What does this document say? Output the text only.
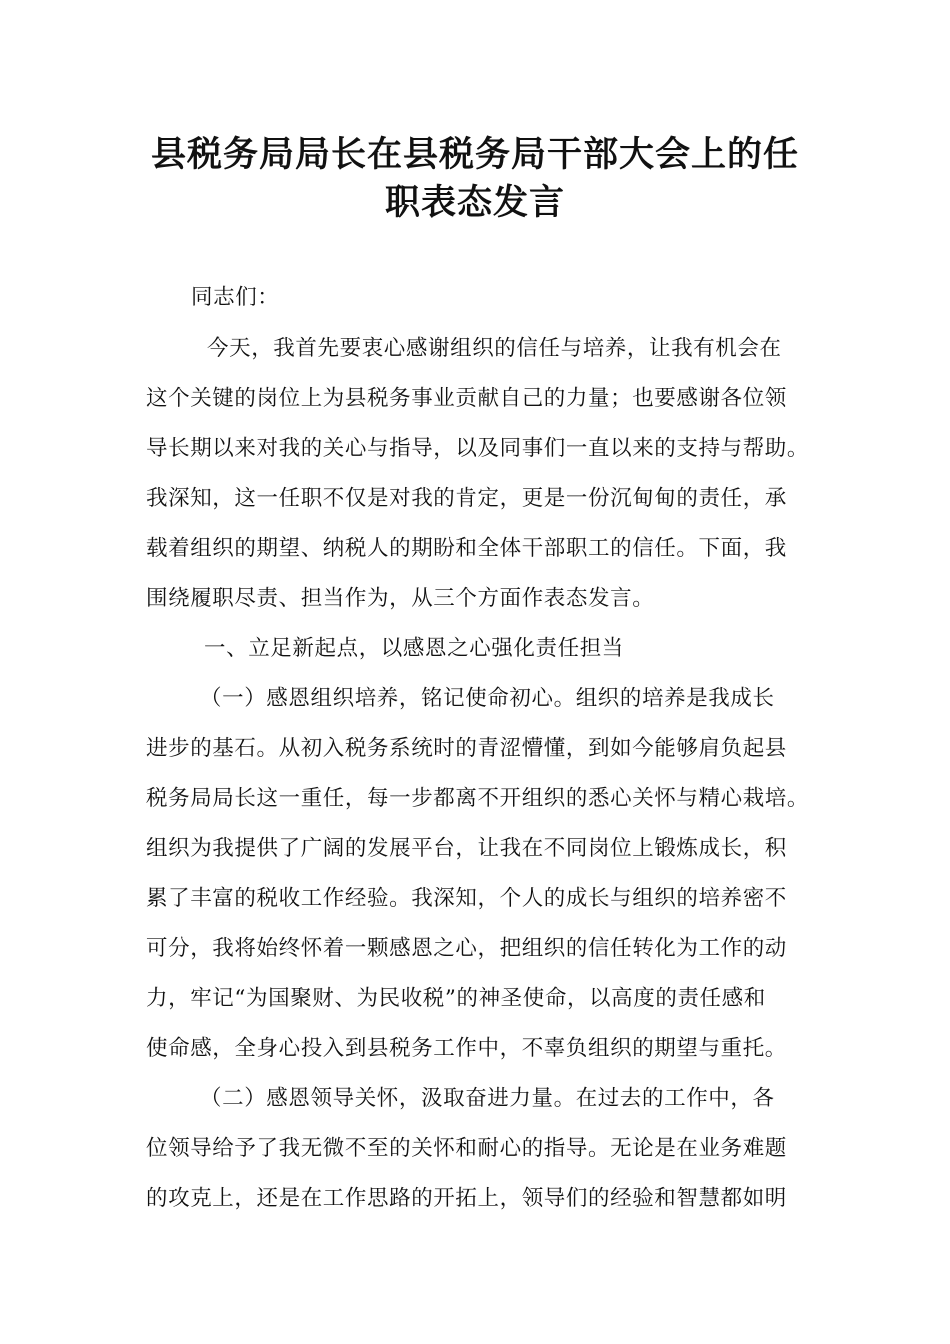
县税务局局长在县税务局干部大会上的任
职表态发言

同志们：

今天，我首先要衷心感谢组织的信任与培养，让我有机会在

这个关键的岗位上为县税务事业贡献自己的力量；也要感谢各位领

导长期以来对我的关心与指导，以及同事们一直以来的支持与帮助。

我深知，这一任职不仅是对我的肯定，更是一份沉甸甸的责任，承

载着组织的期望、纳税人的期盼和全体干部职工的信任。下面，我

围绕履职尽责、担当作为，从三个方面作表态发言。

一、立足新起点，以感恩之心强化责任担当

（一）感恩组织培养，铭记使命初心。组织的培养是我成长

进步的基石。从初入税务系统时的青涩懵懂，到如今能够肩负起县

税务局局长这一重任，每一步都离不开组织的悉心关怀与精心栽培。

组织为我提供了广阔的发展平台，让我在不同岗位上锻炼成长，积

累了丰富的税收工作经验。我深知，个人的成长与组织的培养密不

可分，我将始终怀着一颗感恩之心，把组织的信任转化为工作的动

力，牢记“为国聚财、为民收税”的神圣使命，以高度的责任感和

使命感，全身心投入到县税务工作中，不辜负组织的期望与重托。

（二）感恩领导关怀，汲取奋进力量。在过去的工作中，各

位领导给予了我无微不至的关怀和耐心的指导。无论是在业务难题

的攻克上，还是在工作思路的开拓上，领导们的经验和智慧都如明
